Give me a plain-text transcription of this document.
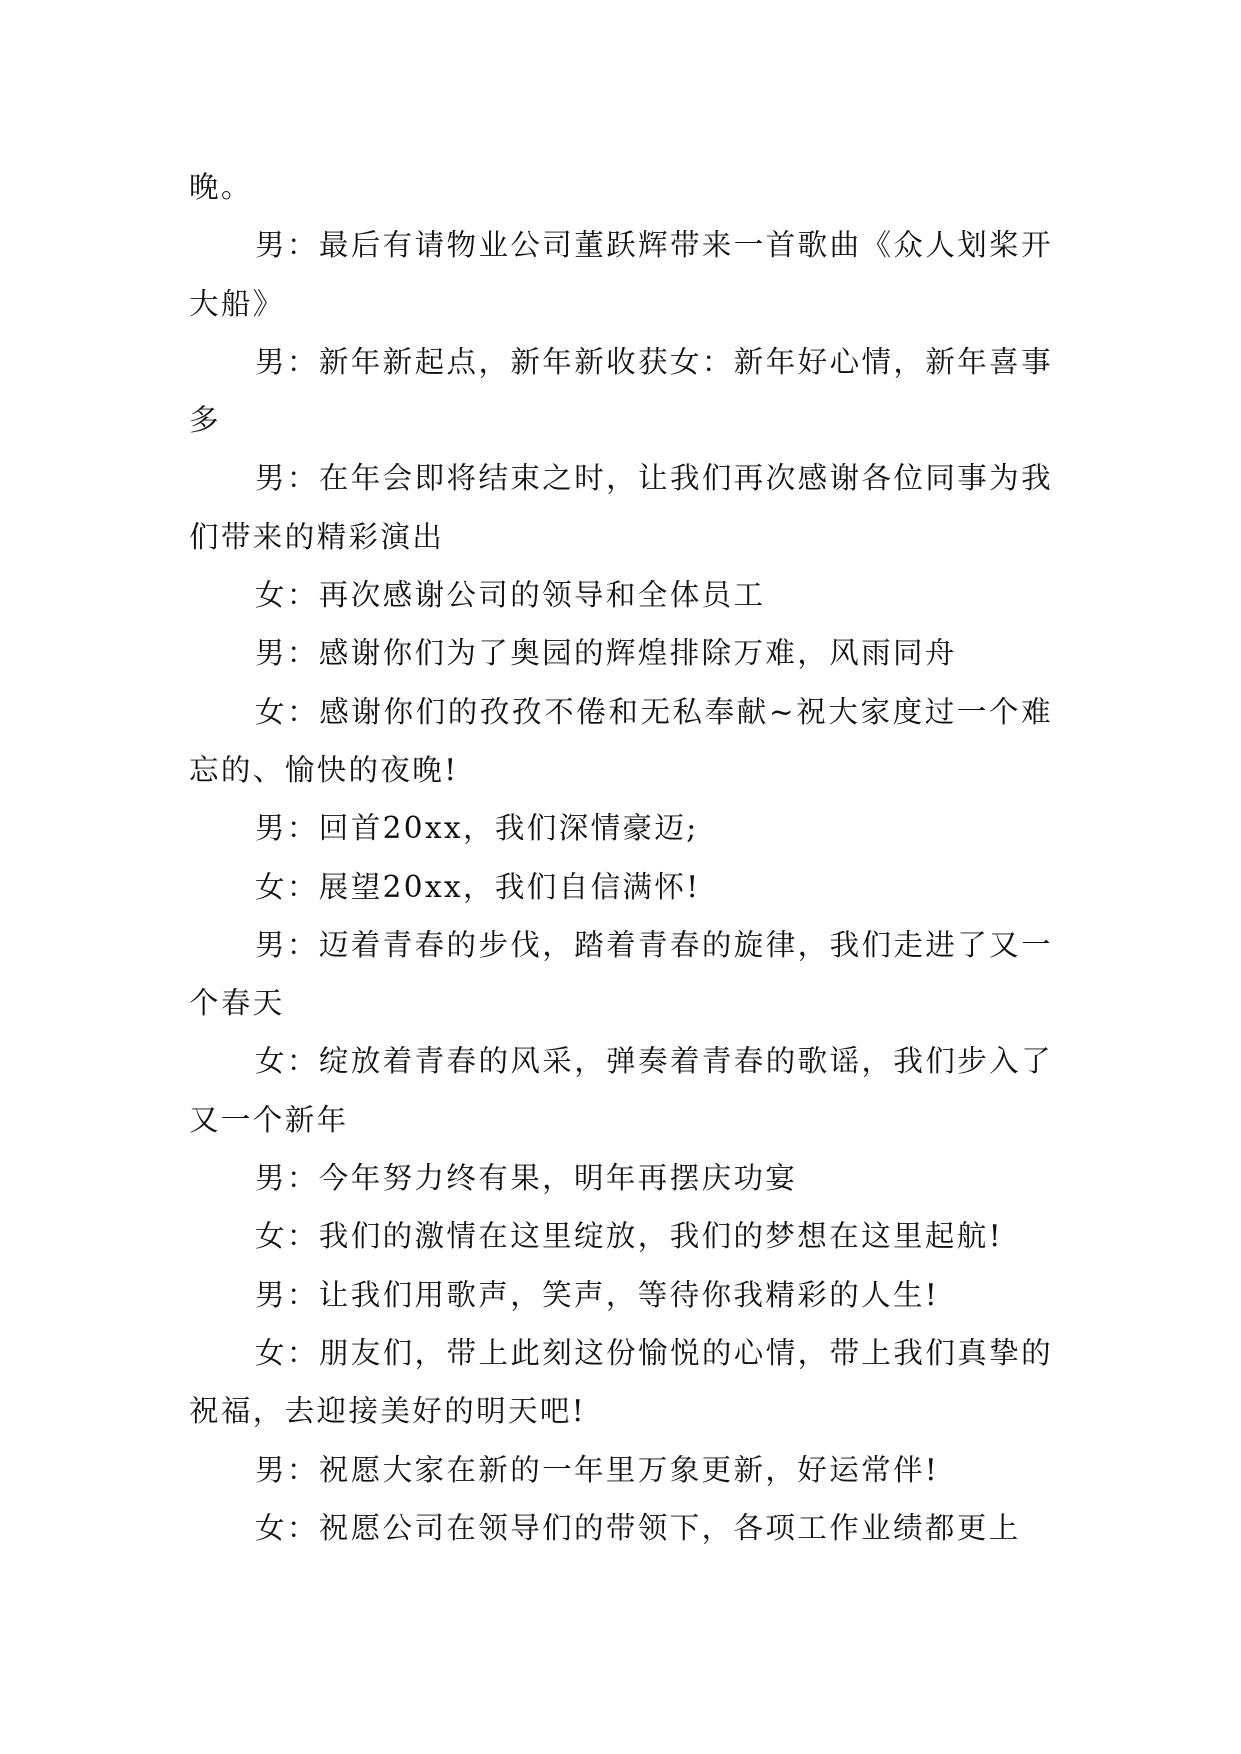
晚。

男：最后有请物业公司董跃辉带来一首歌曲《众人划桨开大船》

男：新年新起点，新年新收获女：新年好心情，新年喜事多

男：在年会即将结束之时，让我们再次感谢各位同事为我们带来的精彩演出

女：再次感谢公司的领导和全体员工

男：感谢你们为了奥园的辉煌排除万难，风雨同舟

女：感谢你们的孜孜不倦和无私奉献~祝大家度过一个难忘的、愉快的夜晚!

男：回首20xx，我们深情豪迈;

女：展望20xx，我们自信满怀!

男：迈着青春的步伐，踏着青春的旋律，我们走进了又一个春天

女：绽放着青春的风采，弹奏着青春的歌谣，我们步入了又一个新年

男：今年努力终有果，明年再摆庆功宴

女：我们的激情在这里绽放，我们的梦想在这里起航!

男：让我们用歌声，笑声，等待你我精彩的人生!

女：朋友们，带上此刻这份愉悦的心情，带上我们真挚的祝福，去迎接美好的明天吧!

男：祝愿大家在新的一年里万象更新，好运常伴!

女：祝愿公司在领导们的带领下，各项工作业绩都更上
